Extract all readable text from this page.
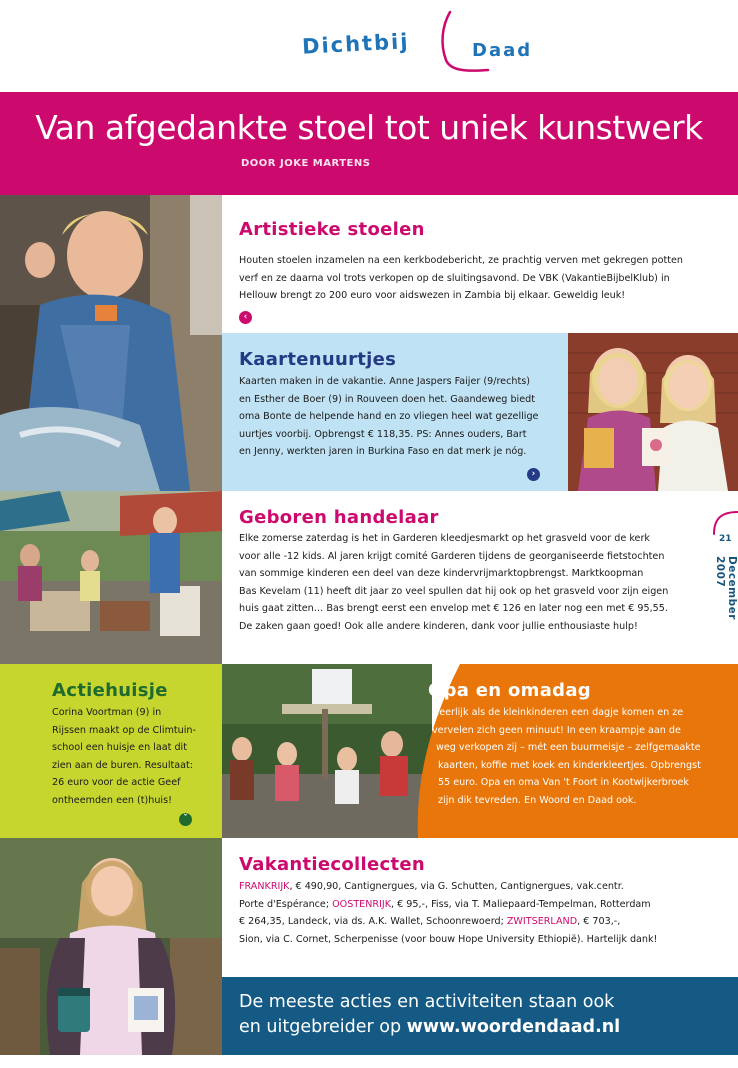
Dichtbij	Daad
Van afgedankte stoel tot uniek kunstwerk
DOOR JOKE MARTENS
Artistieke stoelen
Houten stoelen inzamelen na een kerkbodebericht, ze prachtig verven met gekregen potten
verf en ze daarna vol trots verkopen op de sluitingsavond. De VBK (VakantieBijbelKlub) in
Hellouw brengt zo 200 euro voor aidswezen in Zambia bij elkaar. Geweldig leuk!
‹
Kaartenuurtjes
Kaarten maken in de vakantie. Anne Jaspers Faijer (9/rechts)
en Esther de Boer (9) in Rouveen doen het. Gaandeweg biedt
oma Bonte de helpende hand en zo vliegen heel wat gezellige
uurtjes voorbij. Opbrengst € 118,35. PS: Annes ouders, Bart
en Jenny, werkten jaren in Burkina Faso en dat merk je nóg.
›
Geboren handelaar
Elke zomerse zaterdag is het in Garderen kleedjesmarkt op het grasveld voor de kerk
voor alle -12 kids. Al jaren krijgt comité Garderen tijdens de georganiseerde fietstochten
van sommige kinderen een deel van deze kindervrijmarktopbrengst. Marktkoopman
Bas Kevelam (11) heeft dit jaar zo veel spullen dat hij ook op het grasveld voor zijn eigen
huis gaat zitten… Bas brengt eerst een envelop met € 126 en later nog een met € 95,55.
De zaken gaan goed! Ook alle andere kinderen, dank voor jullie enthousiaste hulp!
21
December 2007
Actiehuisje
Corina Voortman (9) in
Rijssen maakt op de Climtuin-
school een huisje en laat dit
zien aan de buren. Resultaat:
26 euro voor de actie Geef
ontheemden een (t)huis!
ˇ
Opa en omadag
Heerlijk als de kleinkinderen een dagje komen en ze
vervelen zich geen minuut! In een kraampje aan de
weg verkopen zij – mét een buurmeisje – zelfgemaakte
kaarten, koffie met koek en kinderkleertjes. Opbrengst
55 euro. Opa en oma Van 't Foort in Kootwijkerbroek
zijn dik tevreden. En Woord en Daad ook.
Vakantiecollecten
FRANKRIJK, € 490,90, Cantignergues, via G. Schutten, Cantignergues, vak.centr.
Porte d'Espérance; OOSTENRIJK, € 95,-, Fiss, via T. Maliepaard-Tempelman, Rotterdam
€ 264,35, Landeck, via ds. A.K. Wallet, Schoonrewoerd; ZWITSERLAND, € 703,-,
Sion, via C. Cornet, Scherpenisse (voor bouw Hope University Ethiopië). Hartelijk dank!
De meeste acties en activiteiten staan ook
en uitgebreider op www.woordendaad.nl
